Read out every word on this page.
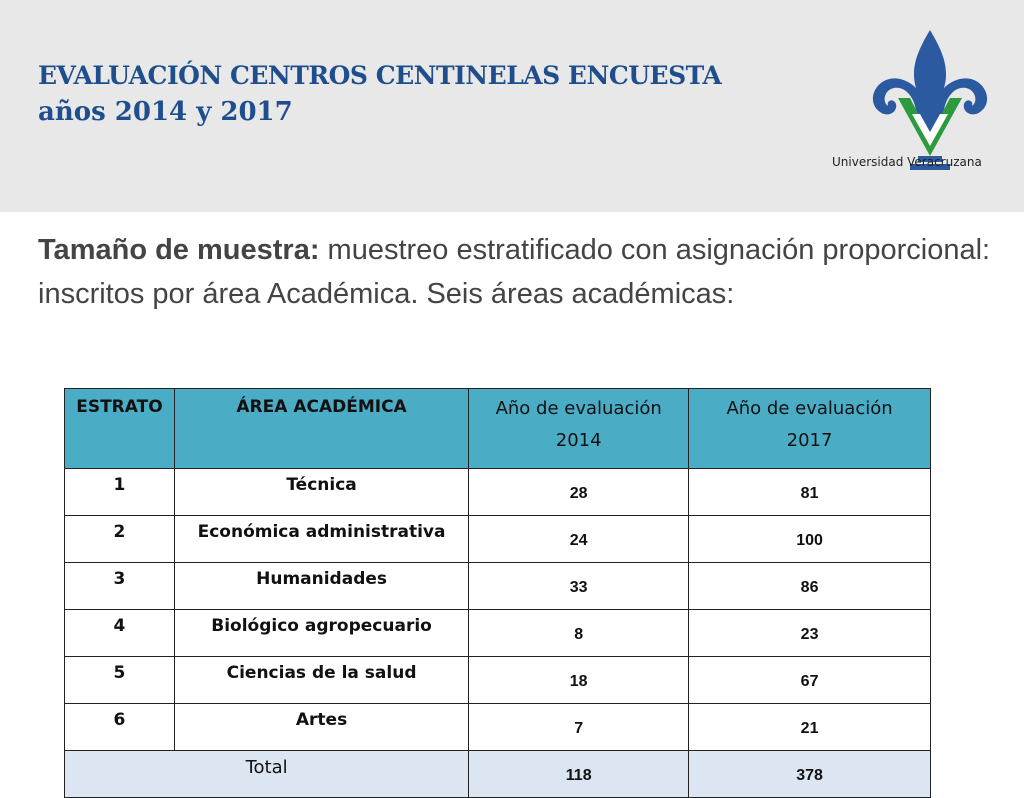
EVALUACIÓN CENTROS CENTINELAS ENCUESTA
años 2014 y 2017
Universidad Veracruzana
Tamaño de muestra: muestreo estratificado con asignación proporcional: inscritos por área Académica. Seis áreas académicas:
ESTRATO	ÁREA ACADÉMICA	Año de evaluación 2014	Año de evaluación 2017
1	Técnica	28	81
2	Económica administrativa	24	100
3	Humanidades	33	86
4	Biológico agropecuario	8	23
5	Ciencias de la salud	18	67
6	Artes	7	21
Total		118	378
